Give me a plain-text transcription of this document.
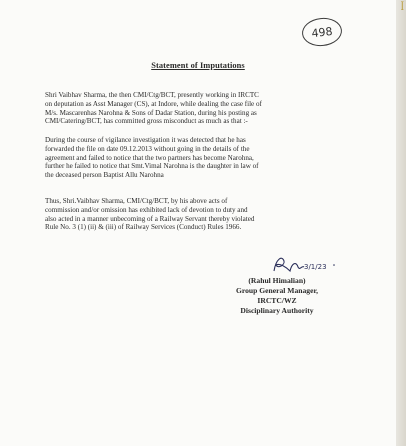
498
Statement of Imputations
Shri Vaibhav Sharma, the then CMI/Ctg/BCT, presently working in IRCTC
on deputation as Asst Manager (CS), at Indore, while dealing the case file of
M/s. Mascarenhas Narohna & Sons of Dadar Station, during his posting as
CMI/Catering/BCT, has committed gross misconduct as much as that :-
During the course of vigilance investigation it was detected that he has
forwarded the file on date 09.12.2013 without going in the details of the
agreement and failed to notice that the two partners has become Narohna,
further he failed to notice that Smt.Vimal Narohna is the daughter in law of
the deceased person Baptist Allu Narohna
Thus, Shri.Vaibhav Sharma, CMI/Ctg/BCT, by his above acts of
commission and/or omission has exhibited lack of devotion to duty and
also acted in a manner unbecoming of a Railway Servant thereby violated
Rule No. 3 (1) (ii) & (iii) of Railway Services (Conduct) Rules 1966.
3/1/23
(Rahul Himalian)
Group General Manager,
IRCTC/WZ
Disciplinary Authority
ꟾ
